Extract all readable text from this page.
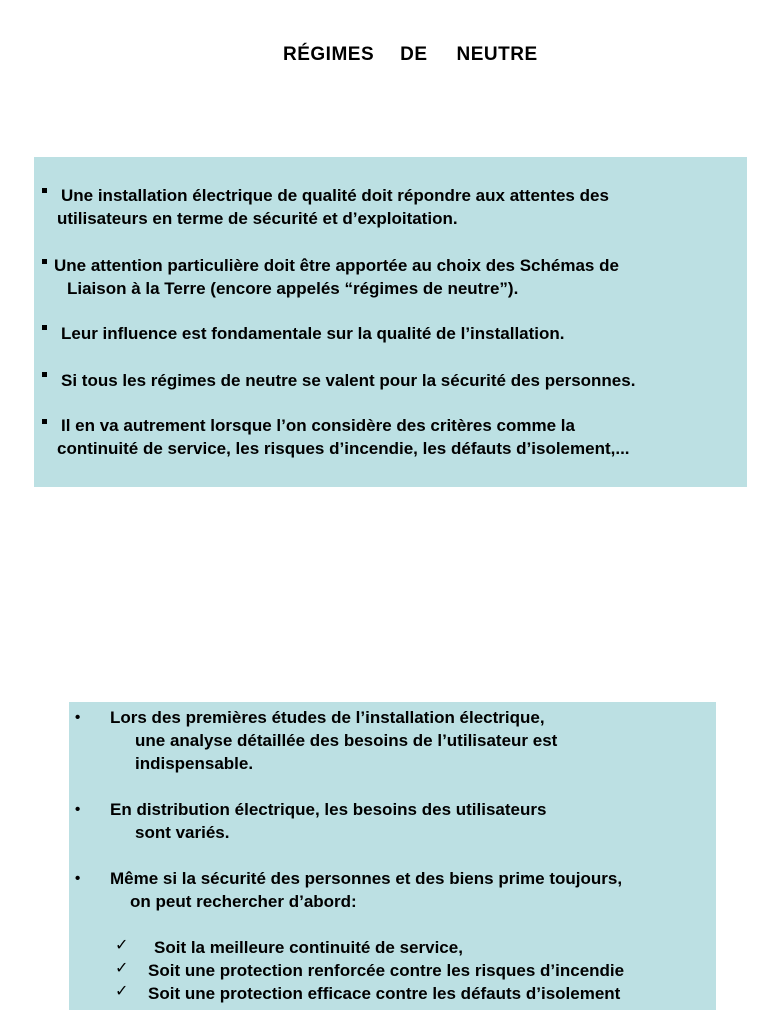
RÉGIMES DE NEUTRE
Une installation électrique de qualité doit répondre aux attentes des
utilisateurs en terme de sécurité et d’exploitation.
Une attention particulière doit être apportée au choix des Schémas de
Liaison à la Terre (encore appelés “régimes de neutre”).
Leur influence est fondamentale sur la qualité de l’installation.
Si tous les régimes de neutre se valent pour la sécurité des personnes.
Il en va autrement lorsque l’on considère des critères comme la
continuité de service, les risques d’incendie, les défauts d’isolement,...
• Lors des premières études de l’installation électrique,
une analyse détaillée des besoins de l’utilisateur est
indispensable.
• En distribution électrique, les besoins des utilisateurs
sont variés.
• Même si la sécurité des personnes et des biens prime toujours,
on peut rechercher d’abord:
✓ Soit la meilleure continuité de service,
✓ Soit une protection renforcée contre les risques d’incendie
✓ Soit une protection efficace contre les défauts d’isolement
